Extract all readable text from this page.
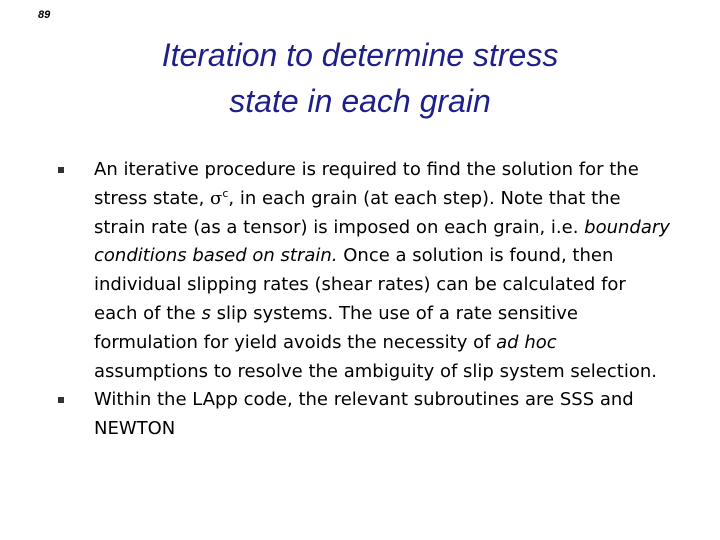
89
Iteration to determine stress
state in each grain
An iterative procedure is required to find the solution for the stress state, $\sigma^c$, in each grain (at each step). Note that the strain rate (as a tensor) is imposed on each grain, i.e. boundary conditions based on strain. Once a solution is found, then individual slipping rates (shear rates) can be calculated for each of the s slip systems. The use of a rate sensitive formulation for yield avoids the necessity of ad hoc assumptions to resolve the ambiguity of slip system selection.
Within the LApp code, the relevant subroutines are SSS and NEWTON
